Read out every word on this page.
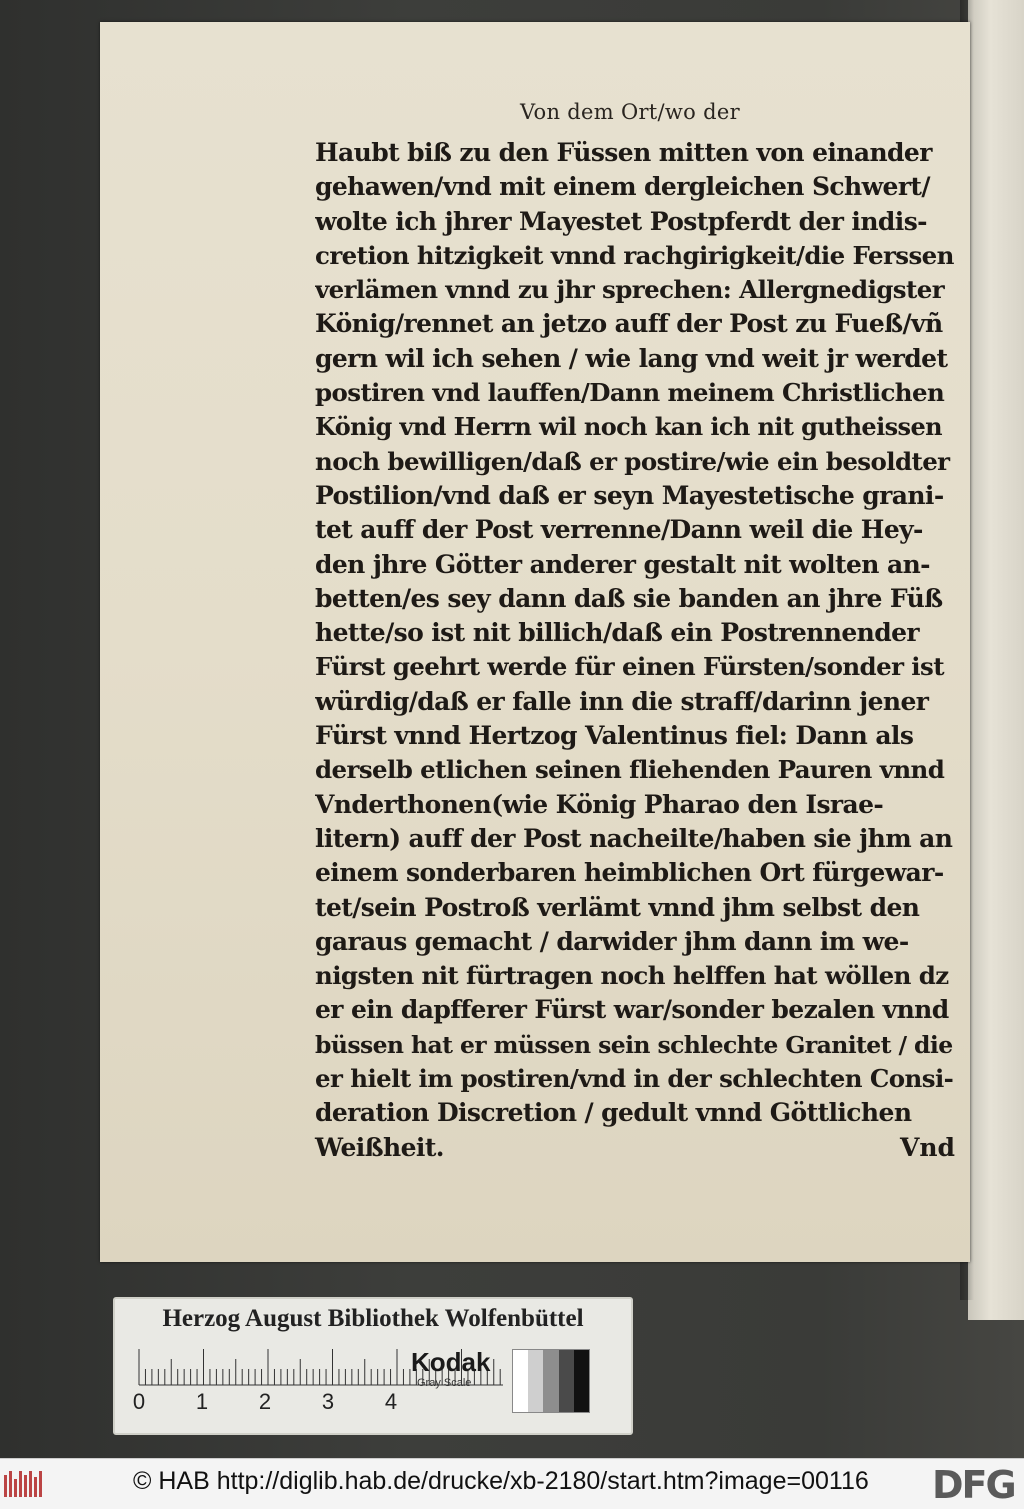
Von dem Ort/wo der
Haubt biß zu den Füssen mitten von einander
gehawen/vnd mit einem dergleichen Schwert/
wolte ich jhrer Mayestet Postpferdt der indis-
cretion hitzigkeit vnnd rachgirigkeit/die Ferssen
verlämen vnnd zu jhr sprechen: Allergnedigster
König/rennet an jetzo auff der Post zu Fueß/vñ
gern wil ich sehen / wie lang vnd weit jr werdet
postiren vnd lauffen/Dann meinem Christlichen
König vnd Herrn wil noch kan ich nit gutheissen
noch bewilligen/daß er postire/wie ein besoldter
Postilion/vnd daß er seyn Mayestetische grani-
tet auff der Post verrenne/Dann weil die Hey-
den jhre Götter anderer gestalt nit wolten an-
betten/es sey dann daß sie banden an jhre Füß
hette/so ist nit billich/daß ein Postrennender
Fürst geehrt werde für einen Fürsten/sonder ist
würdig/daß er falle inn die straff/darinn jener
Fürst vnnd Hertzog Valentinus fiel: Dann als
derselb etlichen seinen fliehenden Pauren vnnd
Vnderthonen(wie König Pharao den Israe-
litern) auff der Post nacheilte/haben sie jhm an
einem sonderbaren heimblichen Ort fürgewar-
tet/sein Postroß verlämt vnnd jhm selbst den
garaus gemacht / darwider jhm dann im we-
nigsten nit fürtragen noch helffen hat wöllen dz
er ein dapfferer Fürst war/sonder bezalen vnnd
büssen hat er müssen sein schlechte Granitet / die
er hielt im postiren/vnd in der schlechten Consi-
deration Discretion / gedult vnnd Göttlichen
Weißheit.	Vnd
Herzog August Bibliothek Wolfenbüttel
0 1 2 3 4
Kodak
Gray Scale
© HAB http://diglib.hab.de/drucke/xb-2180/start.htm?image=00116 DFG
